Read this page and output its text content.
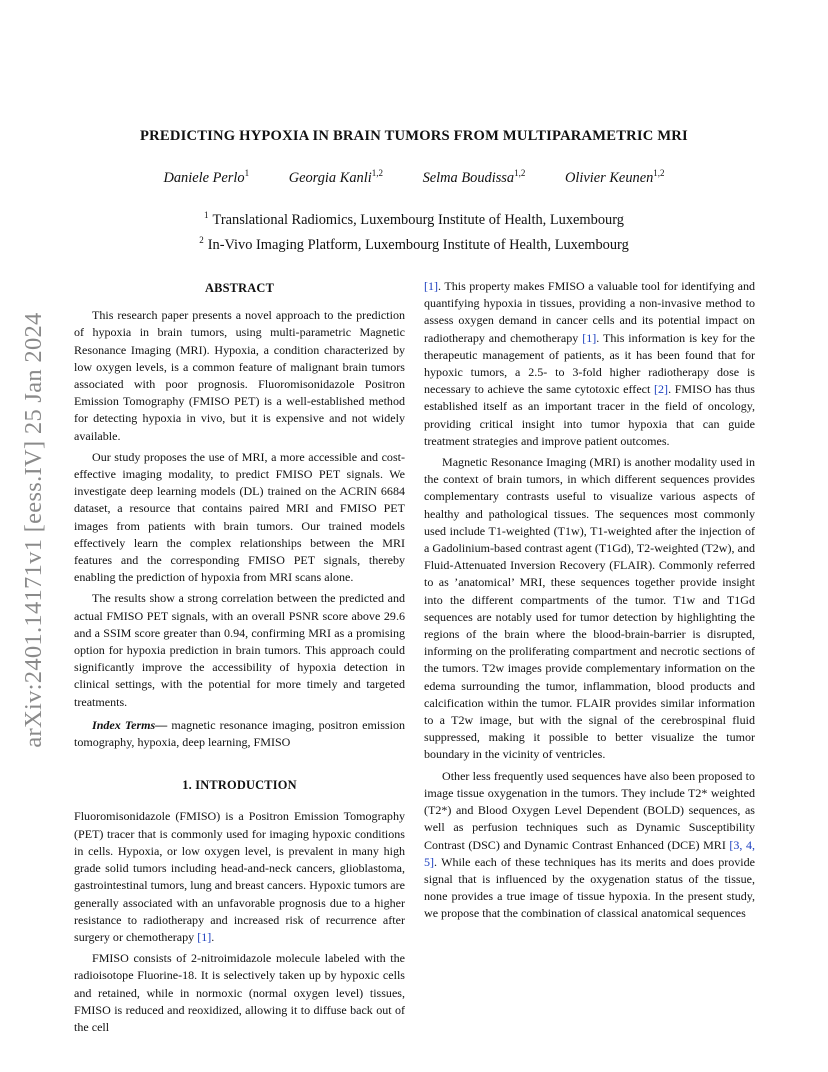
arXiv:2401.14171v1 [eess.IV] 25 Jan 2024
PREDICTING HYPOXIA IN BRAIN TUMORS FROM MULTIPARAMETRIC MRI
Daniele Perlo$^1$	Georgia Kanli$^{1,2}$	Selma Boudissa$^{1,2}$	Olivier Keunen$^{1,2}$
$^1$ Translational Radiomics, Luxembourg Institute of Health, Luxembourg
$^2$ In-Vivo Imaging Platform, Luxembourg Institute of Health, Luxembourg
ABSTRACT

This research paper presents a novel approach to the prediction of hypoxia in brain tumors, using multi-parametric Magnetic Resonance Imaging (MRI). Hypoxia, a condition characterized by low oxygen levels, is a common feature of malignant brain tumors associated with poor prognosis. Fluoromisonidazole Positron Emission Tomography (FMISO PET) is a well-established method for detecting hypoxia in vivo, but it is expensive and not widely available.

Our study proposes the use of MRI, a more accessible and cost-effective imaging modality, to predict FMISO PET signals. We investigate deep learning models (DL) trained on the ACRIN 6684 dataset, a resource that contains paired MRI and FMISO PET images from patients with brain tumors. Our trained models effectively learn the complex relationships between the MRI features and the corresponding FMISO PET signals, thereby enabling the prediction of hypoxia from MRI scans alone.

The results show a strong correlation between the predicted and actual FMISO PET signals, with an overall PSNR score above 29.6 and a SSIM score greater than 0.94, confirming MRI as a promising option for hypoxia prediction in brain tumors. This approach could significantly improve the accessibility of hypoxia detection in clinical settings, with the potential for more timely and targeted treatments.

Index Terms— magnetic resonance imaging, positron emission tomography, hypoxia, deep learning, FMISO

1. INTRODUCTION

Fluoromisonidazole (FMISO) is a Positron Emission Tomography (PET) tracer that is commonly used for imaging hypoxic conditions in cells. Hypoxia, or low oxygen level, is prevalent in many high grade solid tumors including head-and-neck cancers, glioblastoma, gastrointestinal tumors, lung and breast cancers. Hypoxic tumors are generally associated with an unfavorable prognosis due to a higher resistance to radiotherapy and increased risk of recurrence after surgery or chemotherapy [1].

FMISO consists of 2-nitroimidazole molecule labeled with the radioisotope Fluorine-18. It is selectively taken up by hypoxic cells and retained, while in normoxic (normal oxygen level) tissues, FMISO is reduced and reoxidized, allowing it to diffuse back out of the cell

[1]. This property makes FMISO a valuable tool for identifying and quantifying hypoxia in tissues, providing a non-invasive method to assess oxygen demand in cancer cells and its potential impact on radiotherapy and chemotherapy [1]. This information is key for the therapeutic management of patients, as it has been found that for hypoxic tumors, a 2.5- to 3-fold higher radiotherapy dose is necessary to achieve the same cytotoxic effect [2]. FMISO has thus established itself as an important tracer in the field of oncology, providing critical insight into tumor hypoxia that can guide treatment strategies and improve patient outcomes.

Magnetic Resonance Imaging (MRI) is another modality used in the context of brain tumors, in which different sequences provides complementary contrasts useful to visualize various aspects of healthy and pathological tissues. The sequences most commonly used include T1-weighted (T1w), T1-weighted after the injection of a Gadolinium-based contrast agent (T1Gd), T2-weighted (T2w), and Fluid-Attenuated Inversion Recovery (FLAIR). Commonly referred to as ’anatomical’ MRI, these sequences together provide insight into the different compartments of the tumor. T1w and T1Gd sequences are notably used for tumor detection by highlighting the regions of the brain where the blood-brain-barrier is disrupted, informing on the proliferating compartment and necrotic sections of the tumors. T2w images provide complementary information on the edema surrounding the tumor, inflammation, blood products and calcification within the tumor. FLAIR provides similar information to a T2w image, but with the signal of the cerebrospinal fluid suppressed, making it possible to better visualize the tumor boundary in the vicinity of ventricles.

Other less frequently used sequences have also been proposed to image tissue oxygenation in the tumors. They include T2* weighted (T2*) and Blood Oxygen Level Dependent (BOLD) sequences, as well as perfusion techniques such as Dynamic Susceptibility Contrast (DSC) and Dynamic Contrast Enhanced (DCE) MRI [3, 4, 5]. While each of these techniques has its merits and does provide signal that is influenced by the oxygenation status of the tissue, none provides a true image of tissue hypoxia. In the present study, we propose that the combination of classical anatomical sequences
